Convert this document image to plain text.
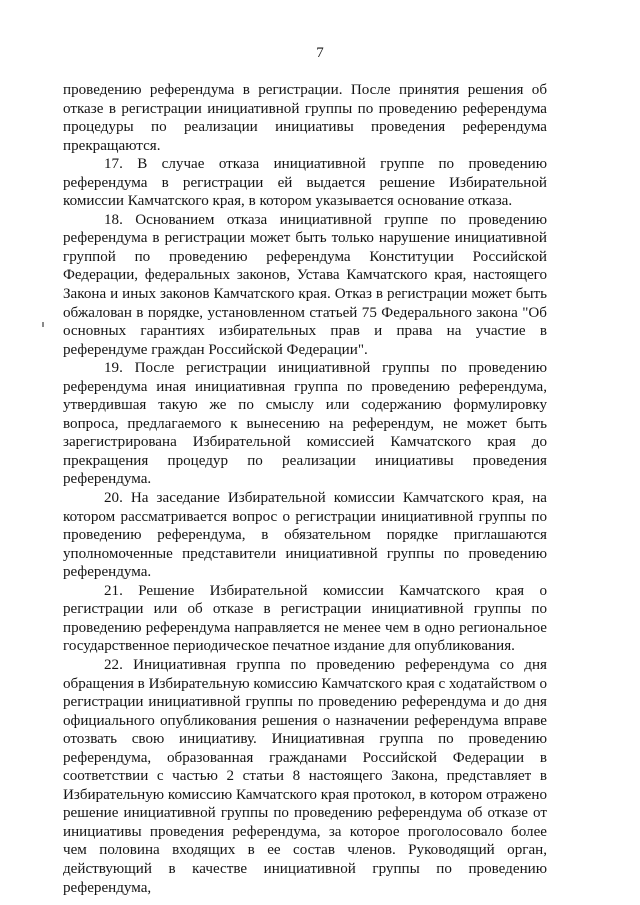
7

проведению референдума в регистрации. После принятия решения об отказе в регистрации инициативной группы по проведению референдума процедуры по реализации инициативы проведения референдума прекращаются.

17. В случае отказа инициативной группе по проведению референдума в регистрации ей выдается решение Избирательной комиссии Камчатского края, в котором указывается основание отказа.

18. Основанием отказа инициативной группе по проведению референдума в регистрации может быть только нарушение инициативной группой по проведению референдума Конституции Российской Федерации, федеральных законов, Устава Камчатского края, настоящего Закона и иных законов Камчатского края. Отказ в регистрации может быть обжалован в порядке, установленном статьей 75 Федерального закона "Об основных гарантиях избирательных прав и права на участие в референдуме граждан Российской Федерации".

19. После регистрации инициативной группы по проведению референдума иная инициативная группа по проведению референдума, утвердившая такую же по смыслу или содержанию формулировку вопроса, предлагаемого к вынесению на референдум, не может быть зарегистрирована Избирательной комиссией Камчатского края до прекращения процедур по реализации инициативы проведения референдума.

20. На заседание Избирательной комиссии Камчатского края, на котором рассматривается вопрос о регистрации инициативной группы по проведению референдума, в обязательном порядке приглашаются уполномоченные представители инициативной группы по проведению референдума.

21. Решение Избирательной комиссии Камчатского края о регистрации или об отказе в регистрации инициативной группы по проведению референдума направляется не менее чем в одно региональное государственное периодическое печатное издание для опубликования.

22. Инициативная группа по проведению референдума со дня обращения в Избирательную комиссию Камчатского края с ходатайством о регистрации инициативной группы по проведению референдума и до дня официального опубликования решения о назначении референдума вправе отозвать свою инициативу. Инициативная группа по проведению референдума, образованная гражданами Российской Федерации в соответствии с частью 2 статьи 8 настоящего Закона, представляет в Избирательную комиссию Камчатского края протокол, в котором отражено решение инициативной группы по проведению референдума об отказе от инициативы проведения референдума, за которое проголосовало более чем половина входящих в ее состав членов. Руководящий орган, действующий в качестве инициативной группы по проведению референдума,
